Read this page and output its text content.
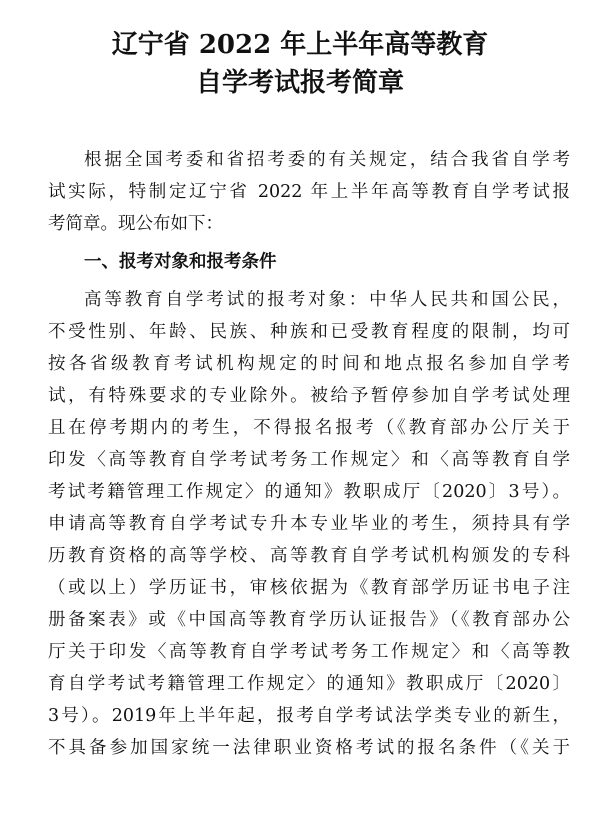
辽宁省 2022 年上半年高等教育
自学考试报考简章
根据全国考委和省招考委的有关规定，结合我省自学考
试实际，特制定辽宁省 2022 年上半年高等教育自学考试报
考简章。现公布如下：
一、报考对象和报考条件
高等教育自学考试的报考对象：中华人民共和国公民，
不受性别、年龄、民族、种族和已受教育程度的限制，均可
按各省级教育考试机构规定的时间和地点报名参加自学考
试，有特殊要求的专业除外。被给予暂停参加自学考试处理
且在停考期内的考生，不得报名报考（《教育部办公厅关于
印发〈高等教育自学考试考务工作规定〉和〈高等教育自学
考试考籍管理工作规定〉的通知》教职成厅〔2020〕3号）。
申请高等教育自学考试专升本专业毕业的考生，须持具有学
历教育资格的高等学校、高等教育自学考试机构颁发的专科
（或以上）学历证书，审核依据为《教育部学历证书电子注
册备案表》或《中国高等教育学历认证报告》（《教育部办公
厅关于印发〈高等教育自学考试考务工作规定〉和〈高等教
育自学考试考籍管理工作规定〉的通知》教职成厅〔2020〕
3号）。2019年上半年起，报考自学考试法学类专业的新生，
不具备参加国家统一法律职业资格考试的报名条件（《关于
